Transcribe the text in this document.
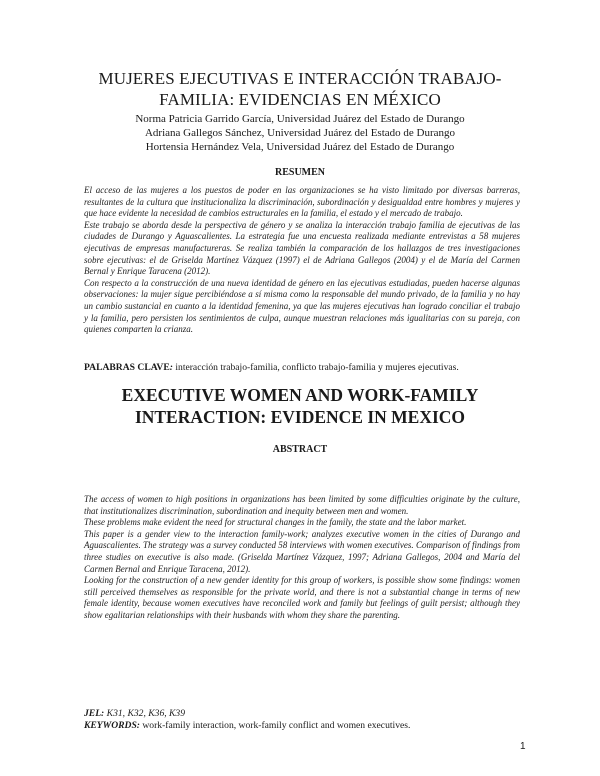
MUJERES EJECUTIVAS E INTERACCIÓN TRABAJO-FAMILIA: EVIDENCIAS EN MÉXICO
Norma Patricia Garrido García, Universidad Juárez del Estado de Durango
Adriana Gallegos Sánchez, Universidad Juárez del Estado de Durango
Hortensia Hernández Vela, Universidad Juárez del Estado de Durango
RESUMEN

El acceso de las mujeres a los puestos de poder en las organizaciones se ha visto limitado por diversas barreras, resultantes de la cultura que institucionaliza la discriminación, subordinación y desigualdad entre hombres y mujeres y que hace evidente la necesidad de cambios estructurales en la familia, el estado y el mercado de trabajo.

Este trabajo se aborda desde la perspectiva de género y se analiza la interacción trabajo familia de ejecutivas de las ciudades de Durango y Aguascalientes. La estrategia fue una encuesta realizada mediante entrevistas a 58 mujeres ejecutivas de empresas manufactureras. Se realiza también la comparación de los hallazgos de tres investigaciones sobre ejecutivas: el de Griselda Martínez Vázquez (1997) el de Adriana Gallegos (2004) y el de María del Carmen Bernal y Enrique Taracena (2012).

Con respecto a la construcción de una nueva identidad de género en las ejecutivas estudiadas, pueden hacerse algunas observaciones: la mujer sigue percibiéndose a sí misma como la responsable del mundo privado, de la familia y no hay un cambio sustancial en cuanto a la identidad femenina, ya que las mujeres ejecutivas han logrado conciliar el trabajo y la familia, pero persisten los sentimientos de culpa, aunque muestran relaciones más igualitarias con su pareja, con quienes comparten la crianza.

PALABRAS CLAVE: interacción trabajo-familia, conflicto trabajo-familia y mujeres ejecutivas.
EXECUTIVE WOMEN AND WORK-FAMILY INTERACTION: EVIDENCE IN MEXICO
ABSTRACT

The access of women to high positions in organizations has been limited by some difficulties originate by the culture, that institutionalizes discrimination, subordination and inequity between men and women.

These problems make evident the need for structural changes in the family, the state and the labor market.

This paper is a gender view to the interaction family-work; analyzes executive women in the cities of Durango and Aguascalientes. The strategy was a survey conducted 58 interviews with women executives. Comparison of findings from three studies on executive is also made. (Griselda Martínez Vázquez, 1997; Adriana Gallegos, 2004 and María del Carmen Bernal and Enrique Taracena, 2012).

Looking for the construction of a new gender identity for this group of workers, is possible show some findings: women still perceived themselves as responsible for the private world, and there is not a substantial change in terms of new female identity, because women executives have reconciled work and family but feelings of guilt persist; although they show egalitarian relationships with their husbands with whom they share the parenting.

JEL: K31, K32, K36, K39
KEYWORDS: work-family interaction, work-family conflict and women executives.
1
